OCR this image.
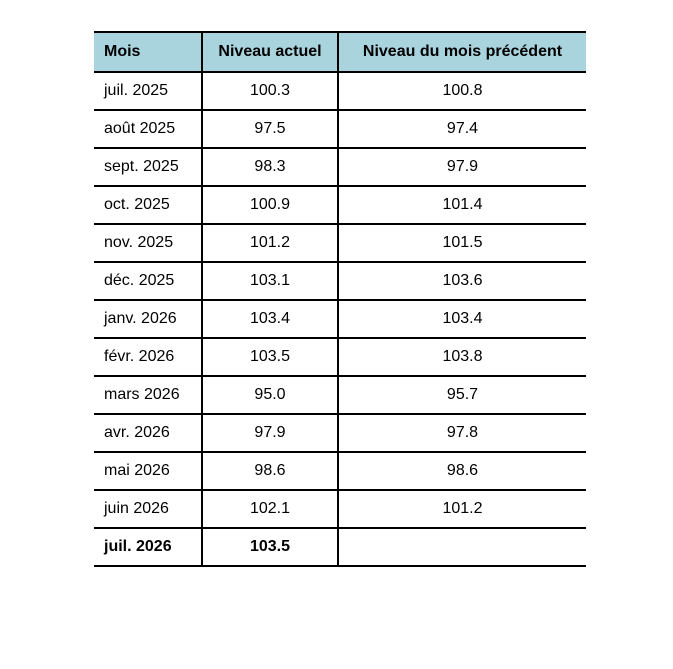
Mois	Niveau actuel	Niveau du mois précédent
juil. 2025	100.3	100.8
août 2025	97.5	97.4
sept. 2025	98.3	97.9
oct. 2025	100.9	101.4
nov. 2025	101.2	101.5
déc. 2025	103.1	103.6
janv. 2026	103.4	103.4
févr. 2026	103.5	103.8
mars 2026	95.0	95.7
avr. 2026	97.9	97.8
mai 2026	98.6	98.6
juin 2026	102.1	101.2
juil. 2026	103.5	
